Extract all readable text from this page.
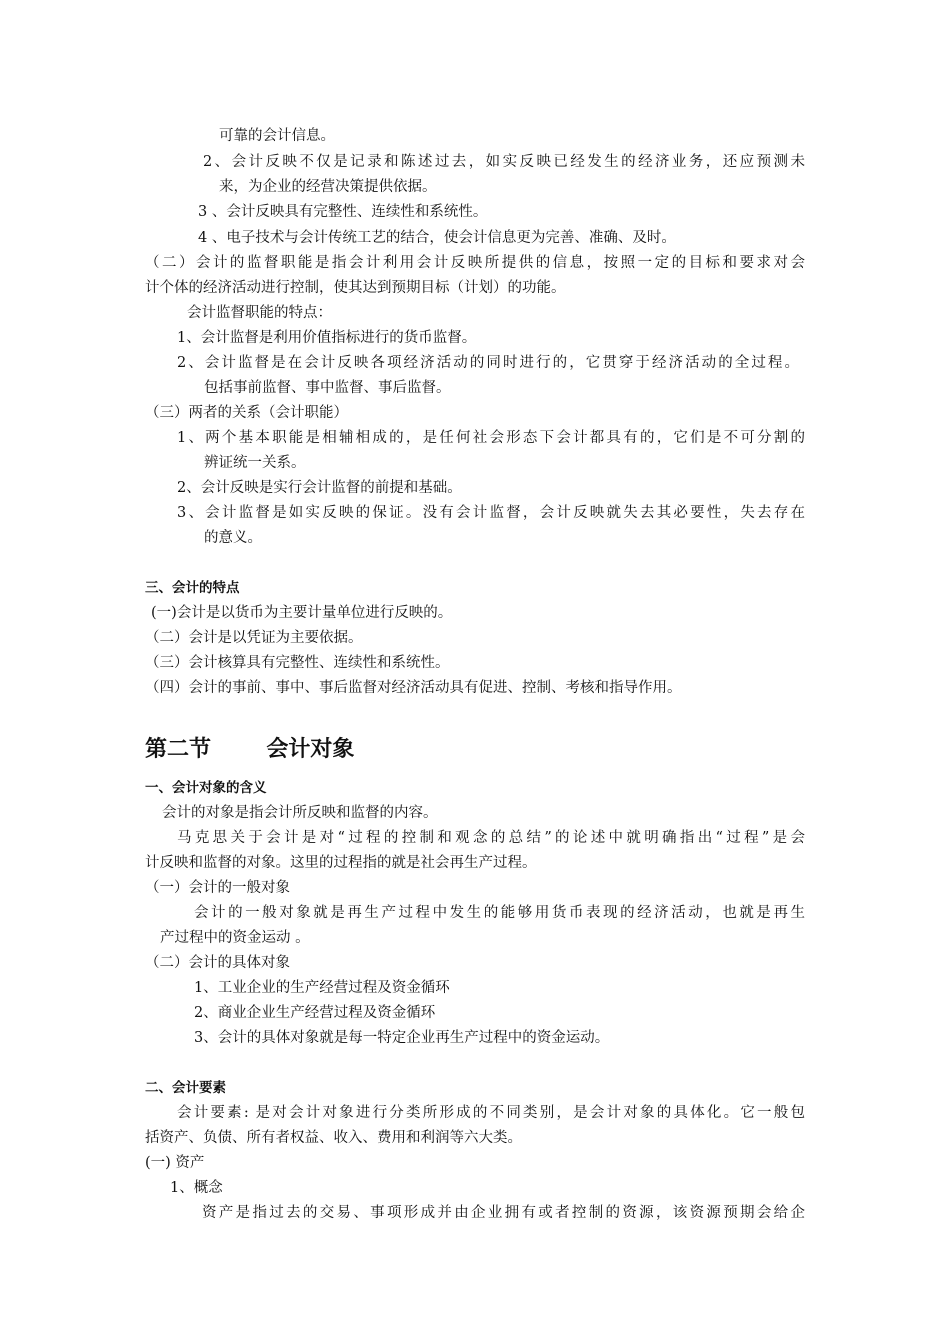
可靠的会计信息。
2、会计反映不仅是记录和陈述过去，如实反映已经发生的经济业务，还应预测未
来，为企业的经营决策提供依据。
3 、会计反映具有完整性、连续性和系统性。
4 、电子技术与会计传统工艺的结合，使会计信息更为完善、准确、及时。
（二）会计的监督职能是指会计利用会计反映所提供的信息，按照一定的目标和要求对会
计个体的经济活动进行控制，使其达到预期目标（计划）的功能。
会计监督职能的特点：
1、会计监督是利用价值指标进行的货币监督。
2、会计监督是在会计反映各项经济活动的同时进行的，它贯穿于经济活动的全过程。
包括事前监督、事中监督、事后监督。
（三）两者的关系（会计职能）
1、两个基本职能是相辅相成的，是任何社会形态下会计都具有的，它们是不可分割的
辨证统一关系。
2、会计反映是实行会计监督的前提和基础。
3、会计监督是如实反映的保证。没有会计监督，会计反映就失去其必要性，失去存在
的意义。
三、会计的特点
(一)会计是以货币为主要计量单位进行反映的。
（二）会计是以凭证为主要依据。
（三）会计核算具有完整性、连续性和系统性。
（四）会计的事前、事中、事后监督对经济活动具有促进、控制、考核和指导作用。
第二节	会计对象
一、会计对象的含义
会计的对象是指会计所反映和监督的内容。
马克思关于会计是对“过程的控制和观念的总结”的论述中就明确指出“过程”是会
计反映和监督的对象。这里的过程指的就是社会再生产过程。
（一）会计的一般对象
会计的一般对象就是再生产过程中发生的能够用货币表现的经济活动，也就是再生
产过程中的资金运动 。
（二）会计的具体对象
1、工业企业的生产经营过程及资金循环
2、商业企业生产经营过程及资金循环
3、会计的具体对象就是每一特定企业再生产过程中的资金运动。
二、会计要素
会计要素: 是对会计对象进行分类所形成的不同类别，是会计对象的具体化。它一般包
括资产、负债、所有者权益、收入、费用和利润等六大类。
(一) 资产
1、概念
资产是指过去的交易、事项形成并由企业拥有或者控制的资源，该资源预期会给企
